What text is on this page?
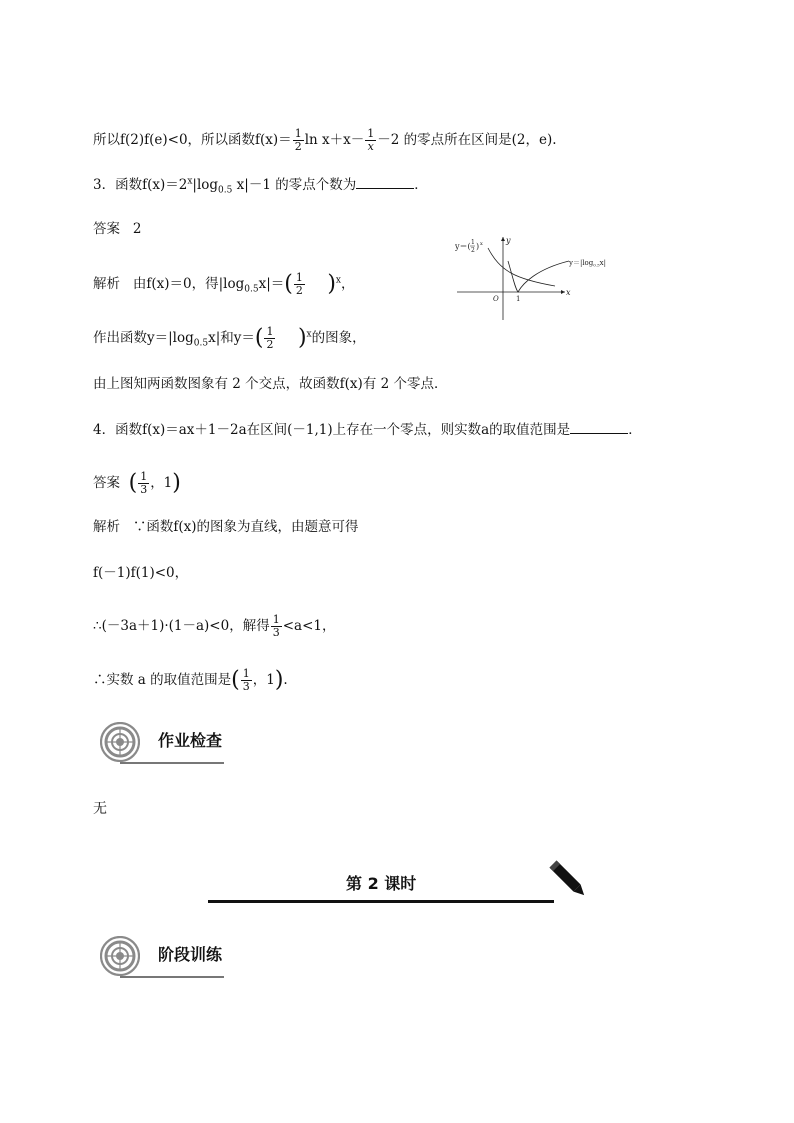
所以f(2)f(e)<0，所以函数$f(x)= \frac{1}{2}$ $\ln x+x- \frac{1}{x} -2$ 的零点所在区间是(2，e).
3．函数$f(x)=2^x|\log_{0.5}$ x|－1 的零点个数为	．
答案 2
解析 由f(x)＝0，得$|\log_{0.5}x|=( \frac{1}{2} )^x$，
作出函数$y=|\log_{0.5}x|$和$y=( \frac{1}{2} )^x$的图象，
由上图知两函数图象有 2 个交点，故函数f(x)有 2 个零点．
y＝( 1
2 ) x
$y=|\log_{0.5}x|$
y
x
O 1
4．函数f(x)＝ax＋1－2a在区间(－1,1)上存在一个零点，则实数a的取值范围是	．
答案 ( $\frac{1}{3}$ ，1)
解析 ∵函数f(x)的图象为直线，由题意可得
f(－1)f(1)<0，
∴(－3a＋1)·(1－a)<0，解得 $\frac{1}{3} <a<1$，
∴实数 a 的取值范围是( $\frac{1}{3}$ ，1).
作业检查
无
第 2 课时
阶段训练
